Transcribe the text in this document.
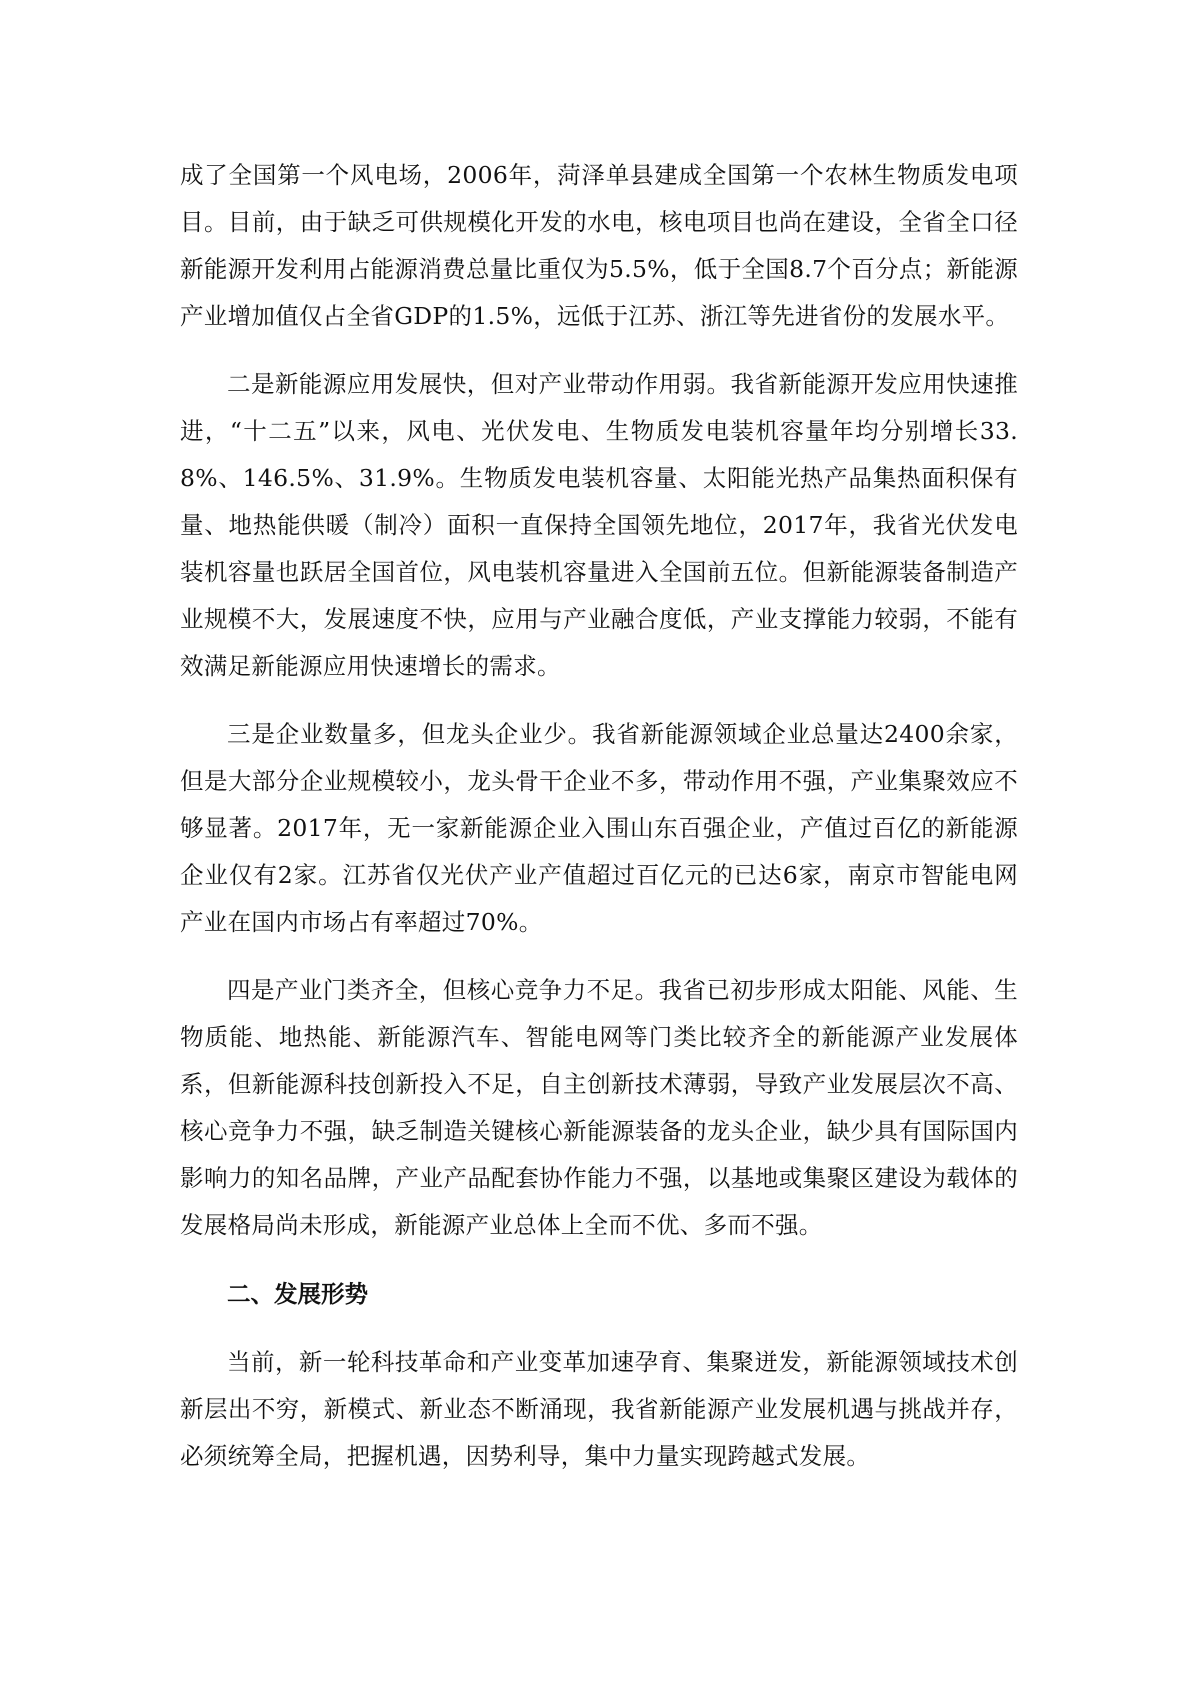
成了全国第一个风电场，2006年，菏泽单县建成全国第一个农林生物质发电项目。目前，由于缺乏可供规模化开发的水电，核电项目也尚在建设，全省全口径新能源开发利用占能源消费总量比重仅为5.5%，低于全国8.7个百分点；新能源产业增加值仅占全省GDP的1.5%，远低于江苏、浙江等先进省份的发展水平。

二是新能源应用发展快，但对产业带动作用弱。我省新能源开发应用快速推进，“十二五”以来，风电、光伏发电、生物质发电装机容量年均分别增长33.8%、146.5%、31.9%。生物质发电装机容量、太阳能光热产品集热面积保有量、地热能供暖（制冷）面积一直保持全国领先地位，2017年，我省光伏发电装机容量也跃居全国首位，风电装机容量进入全国前五位。但新能源装备制造产业规模不大，发展速度不快，应用与产业融合度低，产业支撑能力较弱，不能有效满足新能源应用快速增长的需求。

三是企业数量多，但龙头企业少。我省新能源领域企业总量达2400余家，但是大部分企业规模较小，龙头骨干企业不多，带动作用不强，产业集聚效应不够显著。2017年，无一家新能源企业入围山东百强企业，产值过百亿的新能源企业仅有2家。江苏省仅光伏产业产值超过百亿元的已达6家，南京市智能电网产业在国内市场占有率超过70%。

四是产业门类齐全，但核心竞争力不足。我省已初步形成太阳能、风能、生物质能、地热能、新能源汽车、智能电网等门类比较齐全的新能源产业发展体系，但新能源科技创新投入不足，自主创新技术薄弱，导致产业发展层次不高、核心竞争力不强，缺乏制造关键核心新能源装备的龙头企业，缺少具有国际国内影响力的知名品牌，产业产品配套协作能力不强，以基地或集聚区建设为载体的发展格局尚未形成，新能源产业总体上全而不优、多而不强。

二、发展形势

当前，新一轮科技革命和产业变革加速孕育、集聚迸发，新能源领域技术创新层出不穷，新模式、新业态不断涌现，我省新能源产业发展机遇与挑战并存，必须统筹全局，把握机遇，因势利导，集中力量实现跨越式发展。
